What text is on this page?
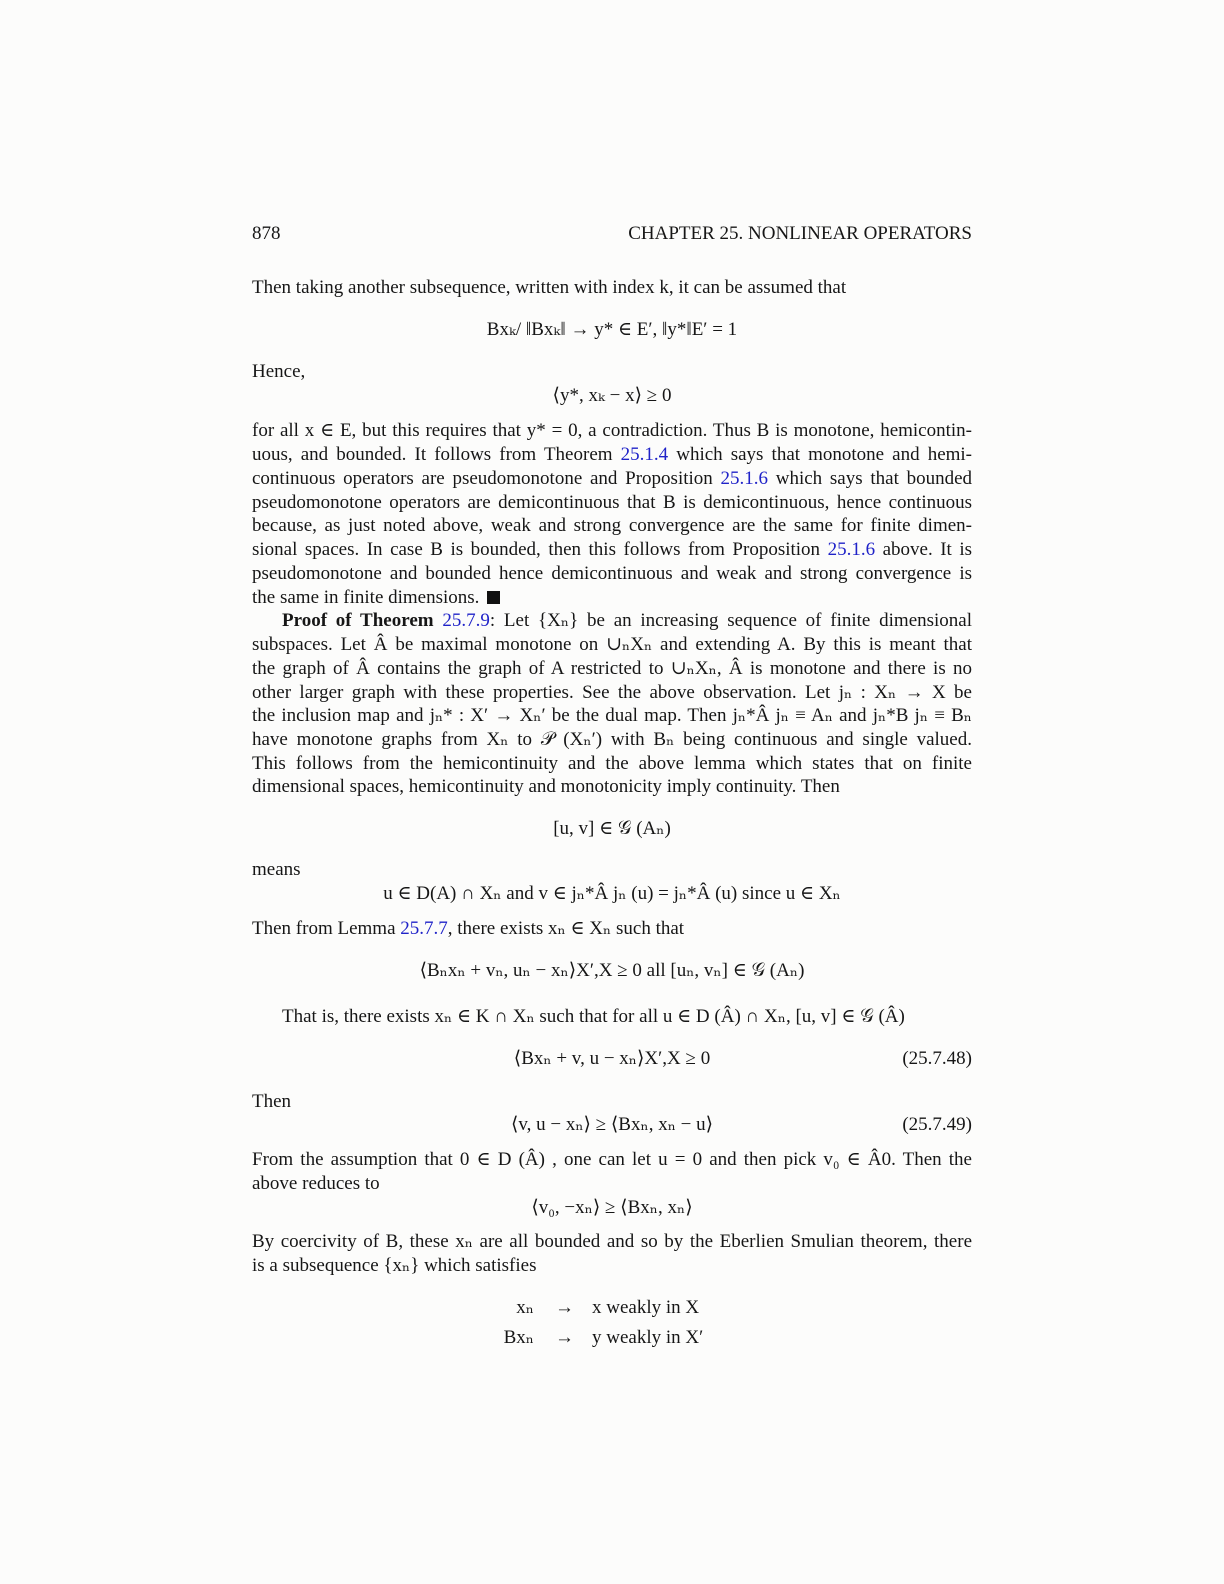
878	CHAPTER 25. NONLINEAR OPERATORS
Then taking another subsequence, written with index k, it can be assumed that
Bxₖ/ ‖Bxₖ‖ → y* ∈ E′, ‖y*‖E′ = 1
Hence,
⟨y*, xₖ − x⟩ ≥ 0
for all x ∈ E, but this requires that y* = 0, a contradiction. Thus B is monotone, hemicontin-
uous, and bounded. It follows from Theorem 25.1.4 which says that monotone and hemi-
continuous operators are pseudomonotone and Proposition 25.1.6 which says that bounded
pseudomonotone operators are demicontinuous that B is demicontinuous, hence continuous
because, as just noted above, weak and strong convergence are the same for finite dimen-
sional spaces. In case B is bounded, then this follows from Proposition 25.1.6 above. It is
pseudomonotone and bounded hence demicontinuous and weak and strong convergence is
the same in finite dimensions.
Proof of Theorem 25.7.9: Let {Xₙ} be an increasing sequence of finite dimensional
subspaces. Let Â be maximal monotone on ∪ₙXₙ and extending A. By this is meant that
the graph of Â contains the graph of A restricted to ∪ₙXₙ, Â is monotone and there is no
other larger graph with these properties. See the above observation. Let jₙ : Xₙ → X be
the inclusion map and jₙ* : X′ → Xₙ′ be the dual map. Then jₙ*Â jₙ ≡ Aₙ and jₙ*B jₙ ≡ Bₙ
have monotone graphs from Xₙ to 𝒫 (Xₙ′) with Bₙ being continuous and single valued.
This follows from the hemicontinuity and the above lemma which states that on finite
dimensional spaces, hemicontinuity and monotonicity imply continuity. Then
[u, v] ∈ 𝒢 (Aₙ)
means
u ∈ D(A) ∩ Xₙ and v ∈ jₙ*Â jₙ (u) = jₙ*Â (u) since u ∈ Xₙ
Then from Lemma 25.7.7, there exists xₙ ∈ Xₙ such that
⟨Bₙxₙ + vₙ, uₙ − xₙ⟩X′,X ≥ 0 all [uₙ, vₙ] ∈ 𝒢 (Aₙ)
That is, there exists xₙ ∈ K ∩ Xₙ such that for all u ∈ D (Â) ∩ Xₙ, [u, v] ∈ 𝒢 (Â)
⟨Bxₙ + v, u − xₙ⟩X′,X ≥ 0	(25.7.48)
Then
⟨v, u − xₙ⟩ ≥ ⟨Bxₙ, xₙ − u⟩	(25.7.49)
From the assumption that 0 ∈ D (Â) , one can let u = 0 and then pick v₀ ∈ Â0. Then the
above reduces to
⟨v₀, −xₙ⟩ ≥ ⟨Bxₙ, xₙ⟩
By coercivity of B, these xₙ are all bounded and so by the Eberlien Smulian theorem, there
is a subsequence {xₙ} which satisfies
xₙ → x weakly in X
Bxₙ → y weakly in X′
